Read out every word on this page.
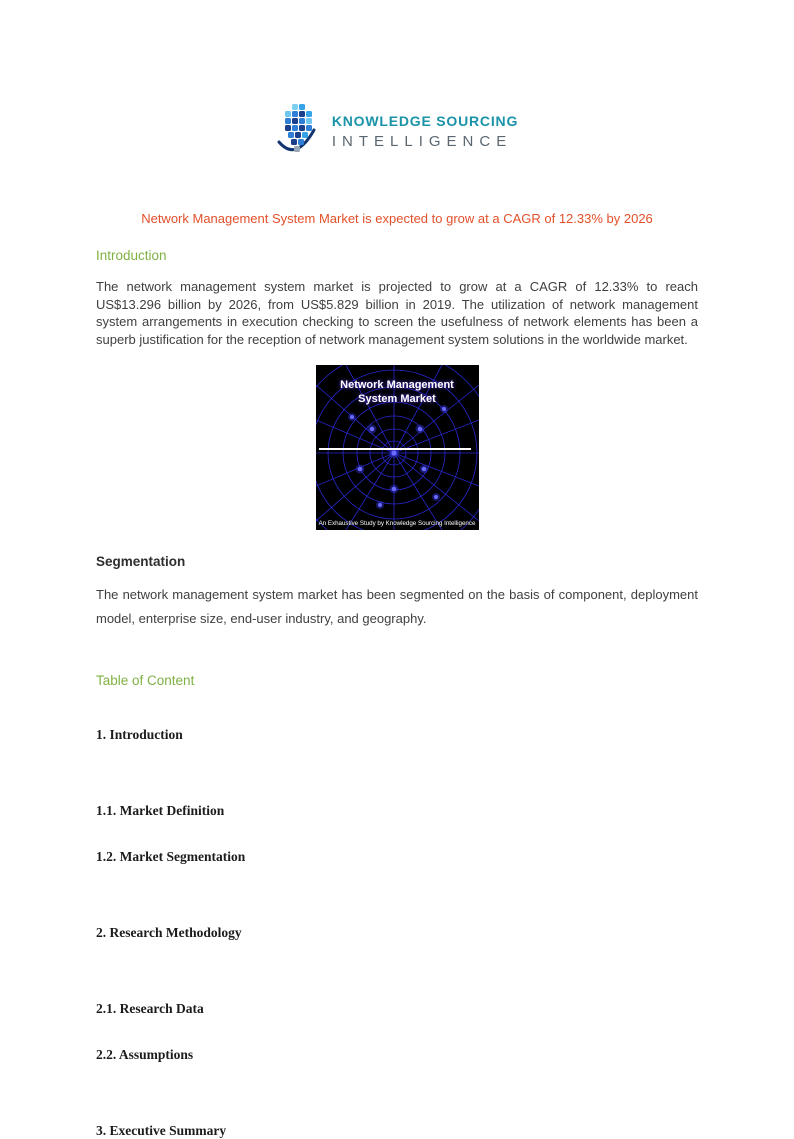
KNOWLEDGE SOURCING
INTELLIGENCE
Network Management System Market is expected to grow at a CAGR of 12.33% by 2026
Introduction

The network management system market is projected to grow at a CAGR of 12.33% to reach US$13.296 billion by 2026, from US$5.829 billion in 2019. The utilization of network management system arrangements in execution checking to screen the usefulness of network elements has been a superb justification for the reception of network management system solutions in the worldwide market.

Network Management System Market
An Exhaustive Study by Knowledge Sourcing Intelligence
Segmentation

The network management system market has been segmented on the basis of component, deployment model, enterprise size, end-user industry, and geography.

Table of Content

1. Introduction

1.1. Market Definition

1.2. Market Segmentation

2. Research Methodology

2.1. Research Data

2.2. Assumptions

3. Executive Summary
